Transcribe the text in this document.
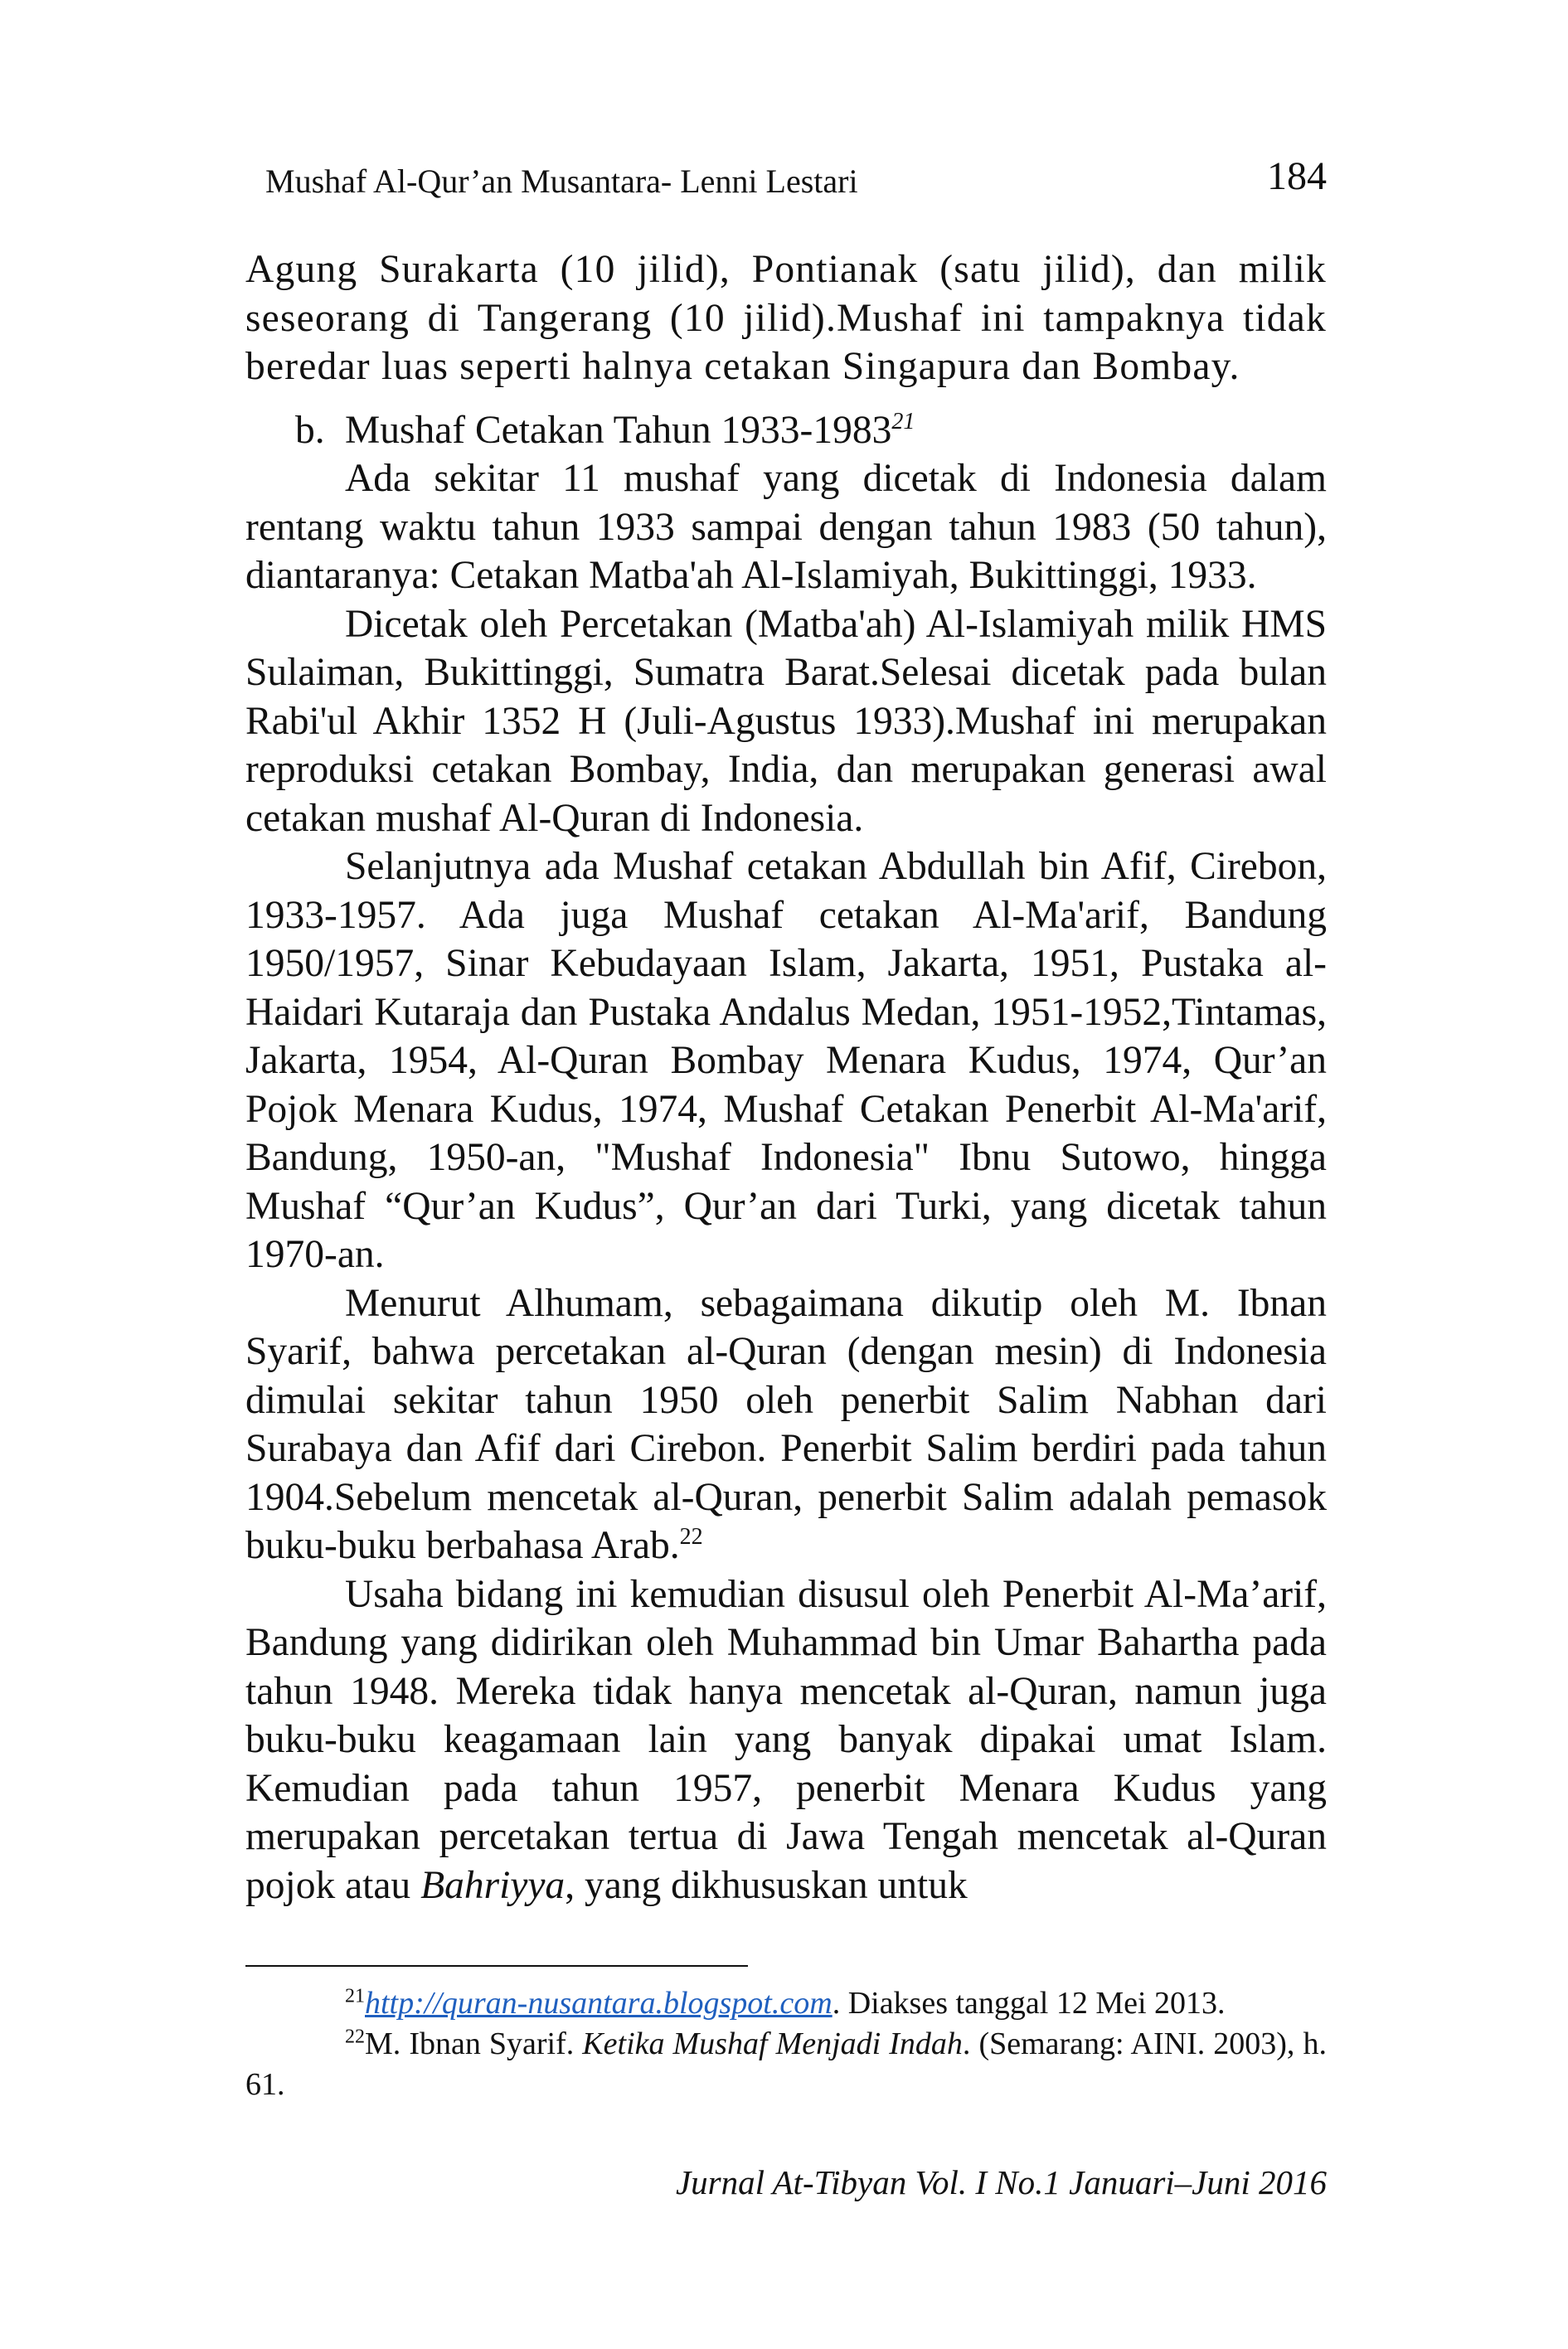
Mushaf Al-Qur’an Musantara- Lenni Lestari	184

Agung Surakarta (10 jilid), Pontianak (satu jilid), dan milik seseorang di Tangerang (10 jilid).Mushaf ini tampaknya tidak beredar luas seperti halnya cetakan Singapura dan Bombay.

b. Mushaf Cetakan Tahun 1933-1983$^{21}$

Ada sekitar 11 mushaf yang dicetak di Indonesia dalam rentang waktu tahun 1933 sampai dengan tahun 1983 (50 tahun), diantaranya: Cetakan Matba'ah Al-Islamiyah, Bukittinggi, 1933.

Dicetak oleh Percetakan (Matba'ah) Al-Islamiyah milik HMS Sulaiman, Bukittinggi, Sumatra Barat.Selesai dicetak pada bulan Rabi'ul Akhir 1352 H (Juli-Agustus 1933).Mushaf ini merupakan reproduksi cetakan Bombay, India, dan merupakan generasi awal cetakan mushaf Al-Quran di Indonesia.

Selanjutnya ada Mushaf cetakan Abdullah bin Afif, Cirebon, 1933-1957. Ada juga Mushaf cetakan Al-Ma'arif, Bandung 1950/1957, Sinar Kebudayaan Islam, Jakarta, 1951, Pustaka al-Haidari Kutaraja dan Pustaka Andalus Medan, 1951-1952,Tintamas, Jakarta, 1954, Al-Quran Bombay Menara Kudus, 1974, Qur’an Pojok Menara Kudus, 1974, Mushaf Cetakan Penerbit Al-Ma'arif, Bandung, 1950-an, "Mushaf Indonesia" Ibnu Sutowo, hingga Mushaf “Qur’an Kudus”, Qur’an dari Turki, yang dicetak tahun 1970-an.

Menurut Alhumam, sebagaimana dikutip oleh M. Ibnan Syarif, bahwa percetakan al-Quran (dengan mesin) di Indonesia dimulai sekitar tahun 1950 oleh penerbit Salim Nabhan dari Surabaya dan Afif dari Cirebon. Penerbit Salim berdiri pada tahun 1904.Sebelum mencetak al-Quran, penerbit Salim adalah pemasok buku-buku berbahasa Arab.$^{22}$

Usaha bidang ini kemudian disusul oleh Penerbit Al-Ma’arif, Bandung yang didirikan oleh Muhammad bin Umar Bahartha pada tahun 1948. Mereka tidak hanya mencetak al-Quran, namun juga buku-buku keagamaan lain yang banyak dipakai umat Islam. Kemudian pada tahun 1957, penerbit Menara Kudus yang merupakan percetakan tertua di Jawa Tengah mencetak al-Quran pojok atau Bahriyya, yang dikhususkan untuk

$^{21}$http://quran-nusantara.blogspot.com. Diakses tanggal 12 Mei 2013.

$^{22}$M. Ibnan Syarif. Ketika Mushaf Menjadi Indah. (Semarang: AINI. 2003), h. 61.

Jurnal At-Tibyan Vol. I No.1 Januari–Juni 2016
